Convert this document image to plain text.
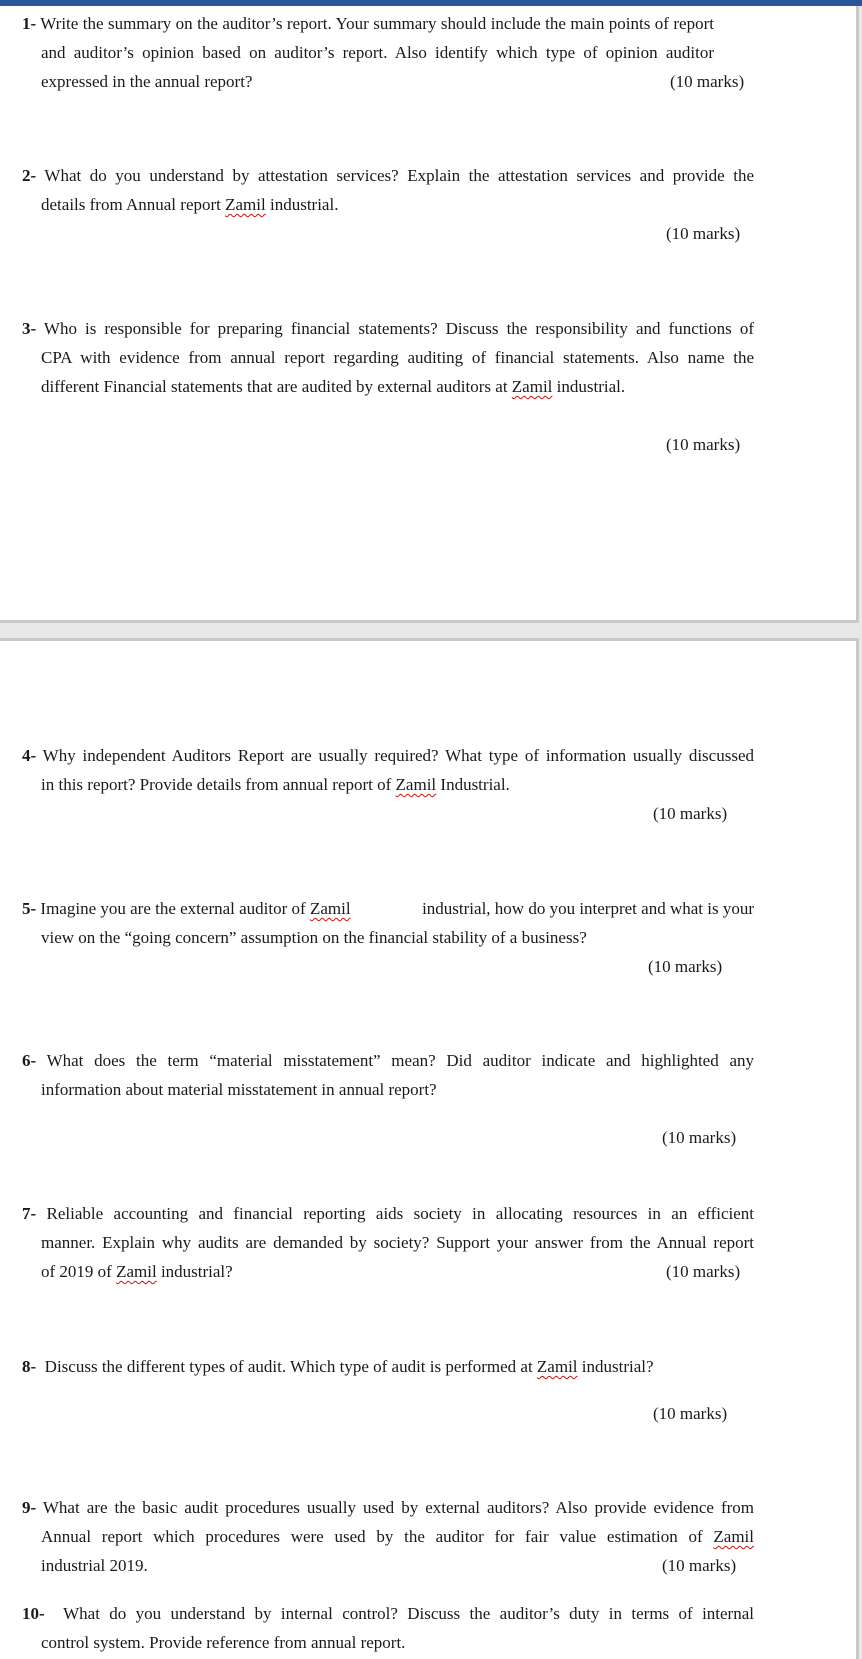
1- Write the summary on the auditor’s report. Your summary should include the main points of report
and auditor’s opinion based on auditor’s report. Also identify which type of opinion auditor
expressed in the annual report?	(10 marks)
2- What do you understand by attestation services? Explain the attestation services and provide the
details from Annual report Zamil industrial.
(10 marks)
3- Who is responsible for preparing financial statements? Discuss the responsibility and functions of
CPA with evidence from annual report regarding auditing of financial statements. Also name the
different Financial statements that are audited by external auditors at Zamil industrial.
(10 marks)
4- Why independent Auditors Report are usually required? What type of information usually discussed
in this report? Provide details from annual report of Zamil Industrial.
(10 marks)
5- Imagine you are the external auditor of Zamil	industrial, how do you interpret and what is your
view on the “going concern” assumption on the financial stability of a business?
(10 marks)
6- What does the term “material misstatement” mean? Did auditor indicate and highlighted any
information about material misstatement in annual report?
(10 marks)
7- Reliable accounting and financial reporting aids society in allocating resources in an efficient
manner. Explain why audits are demanded by society? Support your answer from the Annual report
of 2019 of Zamil industrial?	(10 marks)
8-  Discuss the different types of audit. Which type of audit is performed at Zamil industrial?
(10 marks)
9- What are the basic audit procedures usually used by external auditors? Also provide evidence from
Annual report which procedures were used by the auditor for fair value estimation of Zamil
industrial 2019.	(10 marks)
10-  What do you understand by internal control? Discuss the auditor’s duty in terms of internal
control system. Provide reference from annual report.
